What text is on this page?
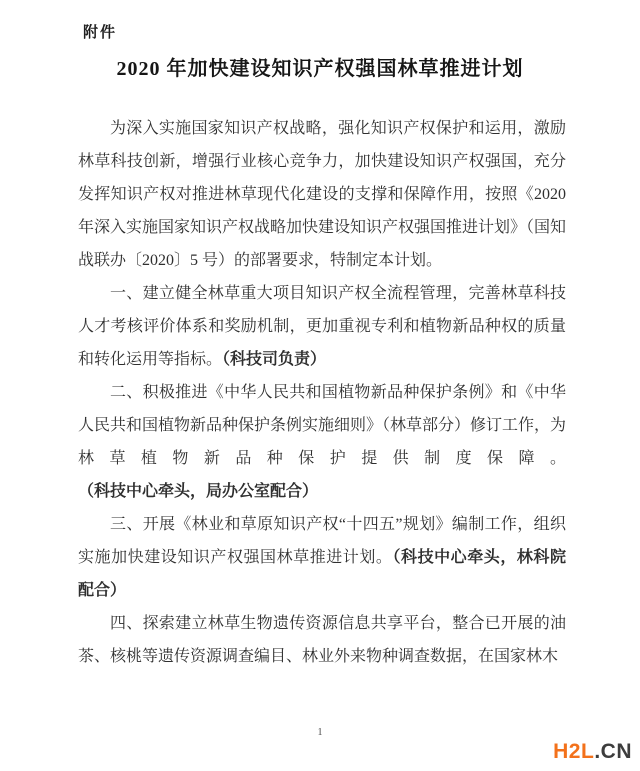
附件
2020 年加快建设知识产权强国林草推进计划

为深入实施国家知识产权战略，强化知识产权保护和运用，激励林草科技创新，增强行业核心竞争力，加快建设知识产权强国，充分发挥知识产权对推进林草现代化建设的支撑和保障作用，按照《2020年深入实施国家知识产权战略加快建设知识产权强国推进计划》（国知战联办〔2020〕5 号）的部署要求，特制定本计划。

一、建立健全林草重大项目知识产权全流程管理，完善林草科技人才考核评价体系和奖励机制，更加重视专利和植物新品种权的质量和转化运用等指标。（科技司负责）

二、积极推进《中华人民共和国植物新品种保护条例》和《中华人民共和国植物新品种保护条例实施细则》（林草部分）修订工作，为林草植物新品种保护提供制度保障。（科技中心牵头，局办公室配合）

三、开展《林业和草原知识产权“十四五”规划》编制工作，组织实施加快建设知识产权强国林草推进计划。（科技中心牵头，林科院配合）

四、探索建立林草生物遗传资源信息共享平台，整合已开展的油茶、核桃等遗传资源调查编目、林业外来物种调查数据，在国家林木

1
H2L.CN
